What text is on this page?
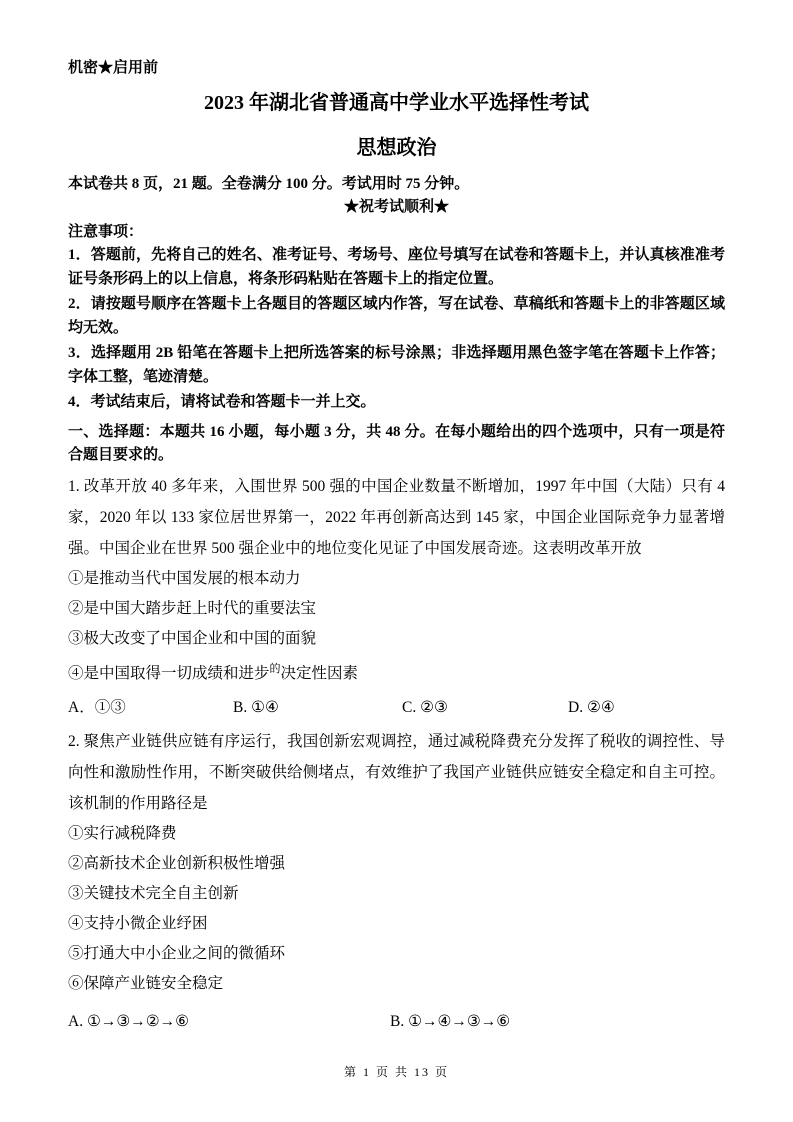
机密★启用前
2023 年湖北省普通高中学业水平选择性考试
思想政治
本试卷共 8 页，21 题。全卷满分 100 分。考试用时 75 分钟。
★祝考试顺利★
注意事项：

1．答题前，先将自己的姓名、准考证号、考场号、座位号填写在试卷和答题卡上，并认真核准准考证号条形码上的以上信息，将条形码粘贴在答题卡上的指定位置。

2．请按题号顺序在答题卡上各题目的答题区域内作答，写在试卷、草稿纸和答题卡上的非答题区域均无效。

3．选择题用 2B 铅笔在答题卡上把所选答案的标号涂黑；非选择题用黑色签字笔在答题卡上作答；字体工整，笔迹清楚。

4．考试结束后，请将试卷和答题卡一并上交。

一、选择题：本题共 16 小题，每小题 3 分，共 48 分。在每小题给出的四个选项中，只有一项是符合题目要求的。

1. 改革开放 40 多年来，入围世界 500 强的中国企业数量不断增加，1997 年中国（大陆）只有 4 家，2020 年以 133 家位居世界第一，2022 年再创新高达到 145 家，中国企业国际竞争力显著增强。中国企业在世界 500 强企业中的地位变化见证了中国发展奇迹。这表明改革开放

①是推动当代中国发展的根本动力
②是中国大踏步赶上时代的重要法宝
③极大改变了中国企业和中国的面貌
④是中国取得一切成绩和进步$^的$决定性因素
A．①③	B. ①④	C. ②③	D. ②④

2. 聚焦产业链供应链有序运行，我国创新宏观调控，通过减税降费充分发挥了税收的调控性、导向性和激励性作用，不断突破供给侧堵点，有效维护了我国产业链供应链安全稳定和自主可控。该机制的作用路径是

①实行减税降费
②高新技术企业创新积极性增强
③关键技术完全自主创新
④支持小微企业纾困
⑤打通大中小企业之间的微循环
⑥保障产业链安全稳定
A. ①→③→②→⑥	B. ①→④→③→⑥
第 1 页 共 13 页
